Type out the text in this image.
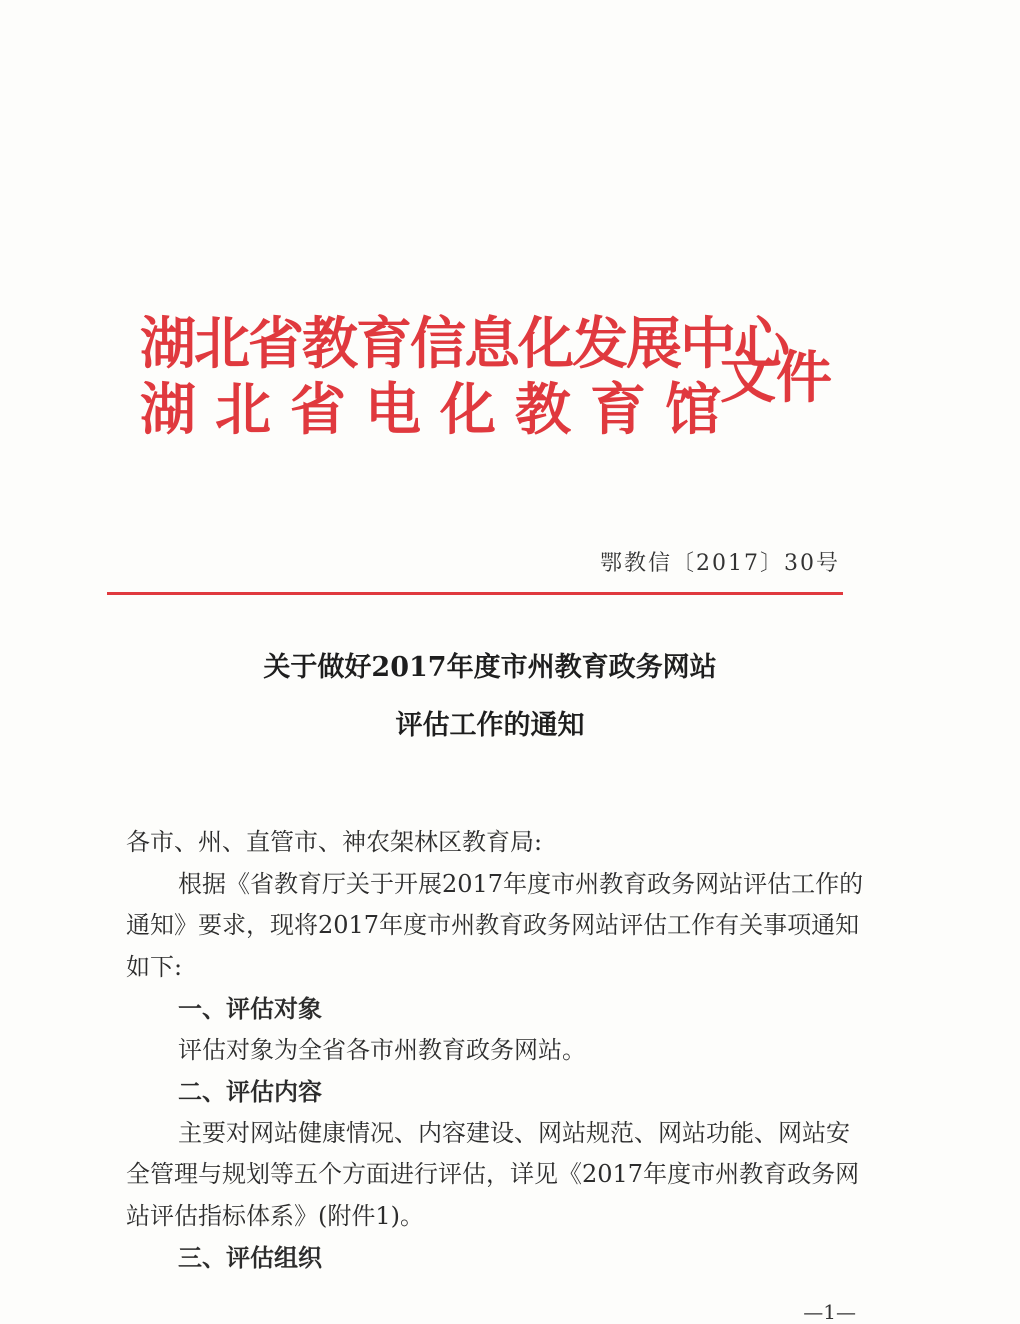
湖北省教育信息化发展中心
湖北省电化教育馆
文件
鄂教信〔2017〕30号
关于做好2017年度市州教育政务网站
评估工作的通知

各市、州、直管市、神农架林区教育局:

根据《省教育厅关于开展2017年度市州教育政务网站评估工作的通知》要求，现将2017年度市州教育政务网站评估工作有关事项通知如下:

一、评估对象

评估对象为全省各市州教育政务网站。

二、评估内容

主要对网站健康情况、内容建设、网站规范、网站功能、网站安全管理与规划等五个方面进行评估，详见《2017年度市州教育政务网站评估指标体系》(附件1)。

三、评估组织

—1—
